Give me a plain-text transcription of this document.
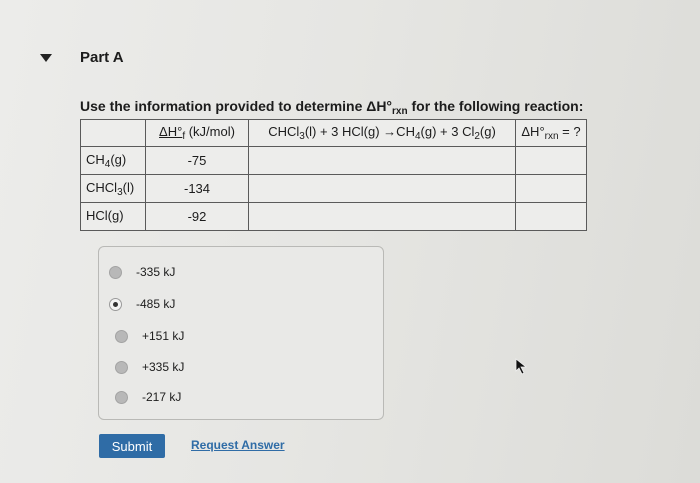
Part A
Use the information provided to determine $\Delta H^\circ_{rxn}$ for the following reaction:
	$\Delta H^\circ_f$ (kJ/mol)	CHCl$_3$(l) + 3 $HCl(g) \to CH_4(g) + 3$ $Cl_2(g)$	$\Delta H^\circ_{rxn}$ = ?
$CH_4(g)$	-75		
CHCl$_3$(l)	-134		
HCl(g)	-92		
-335 kJ
-485 kJ
+151 kJ
+335 kJ
-217 kJ
Submit	Request Answer
